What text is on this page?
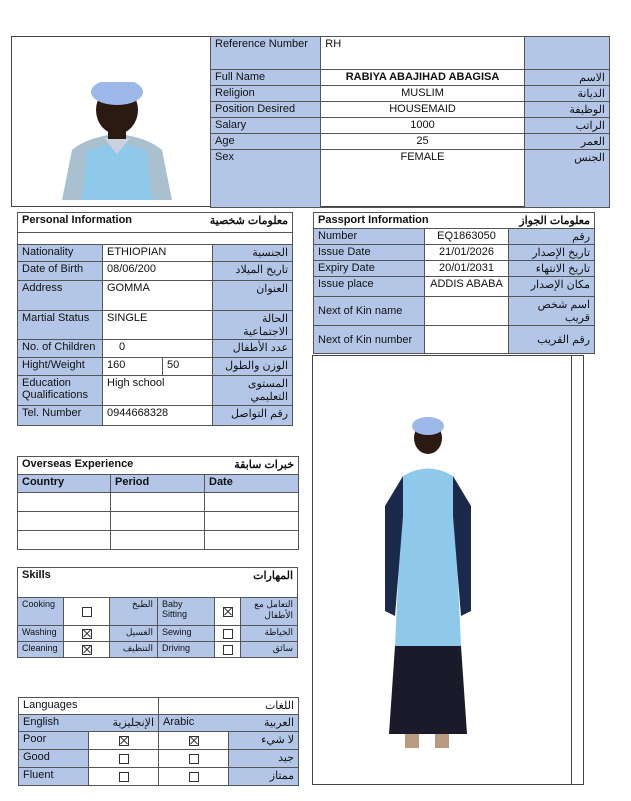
Reference Number	RH	
Full Name	RABIYA ABAJIHAD ABAGISA	الاسم
Religion	MUSLIM	الديانة
Position Desired	HOUSEMAID	الوظيفة
Salary	1000	الراتب
Age	25	العمر
Sex	FEMALE	الجنس
Personal Information معلومات شخصية			

Nationality	ETHIOPIAN		الجنسية
Date of Birth	08/06/200		تاريخ الميلاد
Address	GOMMA		العنوان
Martial Status	SINGLE		الحالة الاجتماعية
No. of Children	0		عدد الأطفال
Hight/Weight	160	50	الوزن والطول
Education Qualifications	High school		المستوى التعليمي
Tel. Number	0944668328		رقم التواصل
Passport Information معلومات الجواز		

Number	EQ1863050	رقم
Issue Date	21/01/2026	تاريخ الإصدار
Expiry Date	20/01/2031	تاريخ الانتهاء
Issue place	ADDIS ABABA	مكان الإصدار
Next of Kin name		اسم شخص قريب
Next of Kin number		رقم القريب
Overseas Experience خبرات سابقة		

Country	Period	Date

Skills المهارات					

Cooking		الطبخ	Baby Sitting		التعامل مع الأطفال
Washing		الغسيل	Sewing		الخياطة
Cleaning		التنظيف	Driving		سائق
Languages		اللغات	
English	الإنجليزية	Arabic	العربية
Poor			لا شيء
Good			جيد
Fluent			ممتاز
